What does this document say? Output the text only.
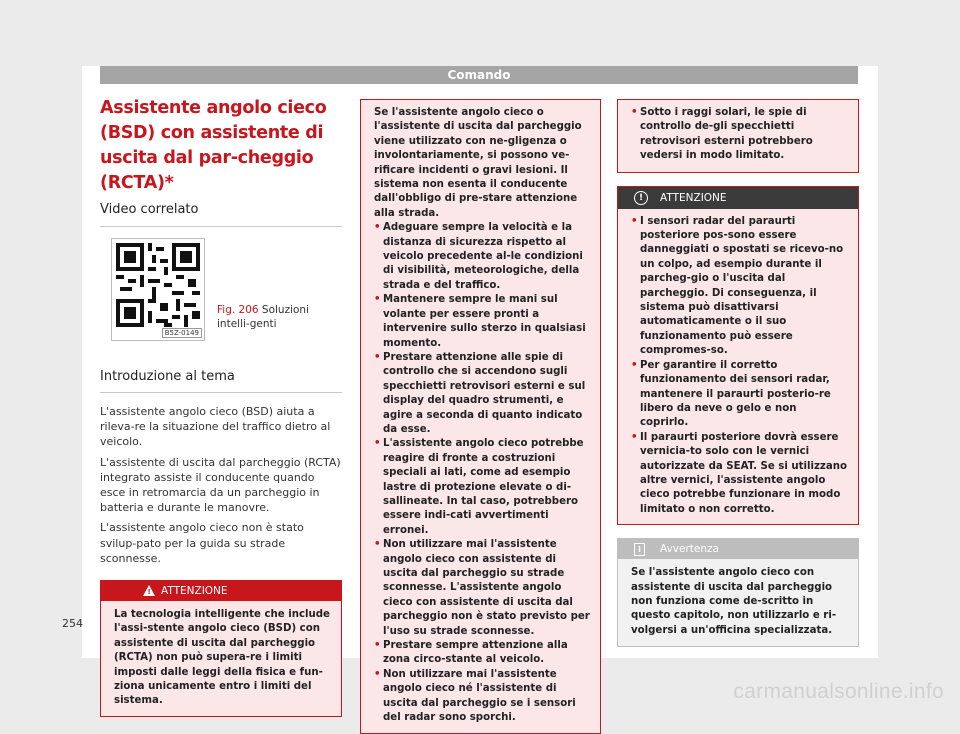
Comando
Assistente angolo cieco (BSD) con assistente di uscita dal par-cheggio (RCTA)*
Video correlato
B5Z-0149
Fig. 206 Soluzioni intelli-genti
Introduzione al tema

L'assistente angolo cieco (BSD) aiuta a rileva-re la situazione del traffico dietro al veicolo.

L'assistente di uscita dal parcheggio (RCTA) integrato assiste il conducente quando esce in retromarcia da un parcheggio in batteria e durante le manovre.

L'assistente angolo cieco non è stato svilup-pato per la guida su strade sconnesse.

! ATTENZIONE
La tecnologia intelligente che include l'assi-stente angolo cieco (BSD) con assistente di uscita dal parcheggio (RCTA) non può supera-re i limiti imposti dalle leggi della fisica e fun-ziona unicamente entro i limiti del sistema.

Se l'assistente angolo cieco o l'assistente di uscita dal parcheggio viene utilizzato con ne-gligenza o involontariamente, si possono ve-rificare incidenti o gravi lesioni. Il sistema non esenta il conducente dall'obbligo di pre-stare attenzione alla strada.

• Adeguare sempre la velocità e la distanza di sicurezza rispetto al veicolo precedente al-le condizioni di visibilità, meteorologiche, della strada e del traffico.

• Mantenere sempre le mani sul volante per essere pronti a intervenire sullo sterzo in qualsiasi momento.

• Prestare attenzione alle spie di controllo che si accendono sugli specchietti retrovisori esterni e sul display del quadro strumenti, e agire a seconda di quanto indicato da esse.

• L'assistente angolo cieco potrebbe reagire di fronte a costruzioni speciali ai lati, come ad esempio lastre di protezione elevate o di-sallineate. In tal caso, potrebbero essere indi-cati avvertimenti erronei.

• Non utilizzare mai l'assistente angolo cieco con assistente di uscita dal parcheggio su strade sconnesse. L'assistente angolo cieco con assistente di uscita dal parcheggio non è stato previsto per l'uso su strade sconnesse.

• Prestare sempre attenzione alla zona circo-stante al veicolo.

• Non utilizzare mai l'assistente angolo cieco né l'assistente di uscita dal parcheggio se i sensori del radar sono sporchi.

• Sotto i raggi solari, le spie di controllo de-gli specchietti retrovisori esterni potrebbero vedersi in modo limitato.

!	ATTENZIONE

• I sensori radar del paraurti posteriore pos-sono essere danneggiati o spostati se ricevo-no un colpo, ad esempio durante il parcheg-gio o l'uscita dal parcheggio. Di conseguenza, il sistema può disattivarsi automaticamente o il suo funzionamento può essere compromes-so.

• Per garantire il corretto funzionamento dei sensori radar, mantenere il paraurti posterio-re libero da neve o gelo e non coprirlo.

• Il paraurti posteriore dovrà essere vernicia-to solo con le vernici autorizzate da SEAT. Se si utilizzano altre vernici, l'assistente angolo cieco potrebbe funzionare in modo limitato o non corretto.

i	Avvertenza
Se l'assistente angolo cieco con assistente di uscita dal parcheggio non funziona come de-scritto in questo capitolo, non utilizzarlo e ri-volgersi a un'officina specializzata.
254
carmanualsonline.info
